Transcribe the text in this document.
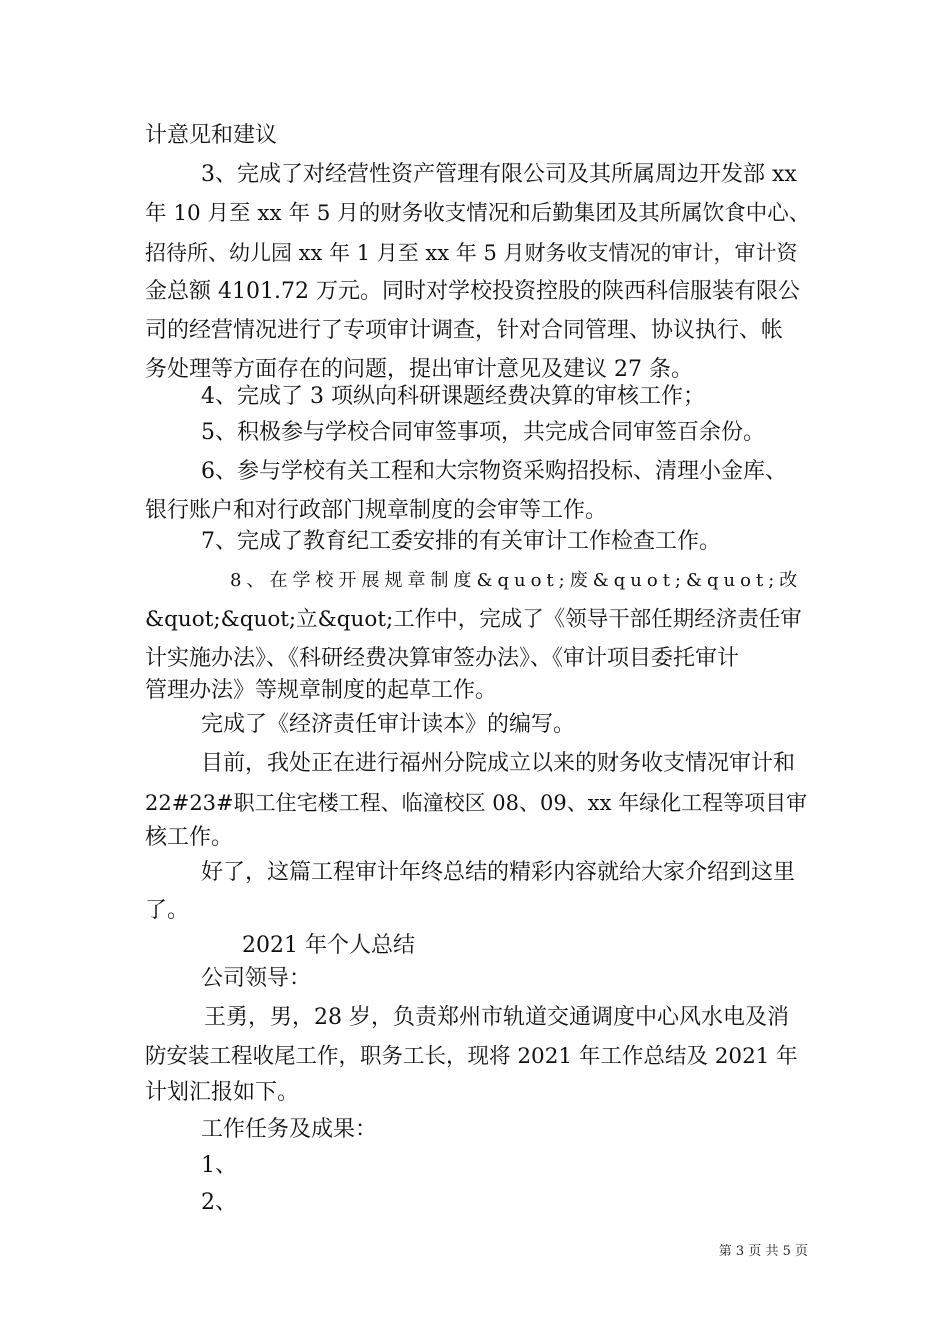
计意见和建议
3、完成了对经营性资产管理有限公司及其所属周边开发部 xx
年 10 月至 xx 年 5 月的财务收支情况和后勤集团及其所属饮食中心、
招待所、幼儿园 xx 年 1 月至 xx 年 5 月财务收支情况的审计，审计资
金总额 4101.72 万元。同时对学校投资控股的陕西科信服装有限公
司的经营情况进行了专项审计调查，针对合同管理、协议执行、帐
务处理等方面存在的问题，提出审计意见及建议 27 条。
4、完成了 3 项纵向科研课题经费决算的审核工作；
5、积极参与学校合同审签事项，共完成合同审签百余份。
6、参与学校有关工程和大宗物资采购招投标、清理小金库、
银行账户和对行政部门规章制度的会审等工作。
7、完成了教育纪工委安排的有关审计工作检查工作。
8、在学校开展规章制度&quot;废&quot;&quot;改
&quot;&quot;立&quot;工作中，完成了《领导干部任期经济责任审
计实施办法》、《科研经费决算审签办法》、《审计项目委托审计
管理办法》等规章制度的起草工作。
完成了《经济责任审计读本》的编写。
目前，我处正在进行福州分院成立以来的财务收支情况审计和
22#23#职工住宅楼工程、临潼校区 08、09、xx 年绿化工程等项目审
核工作。
好了，这篇工程审计年终总结的精彩内容就给大家介绍到这里
了。
2021 年个人总结
公司领导：
王勇，男，28 岁，负责郑州市轨道交通调度中心风水电及消
防安装工程收尾工作，职务工长，现将 2021 年工作总结及 2021 年
计划汇报如下。
工作任务及成果：
1、
2、
第 3 页 共 5 页
